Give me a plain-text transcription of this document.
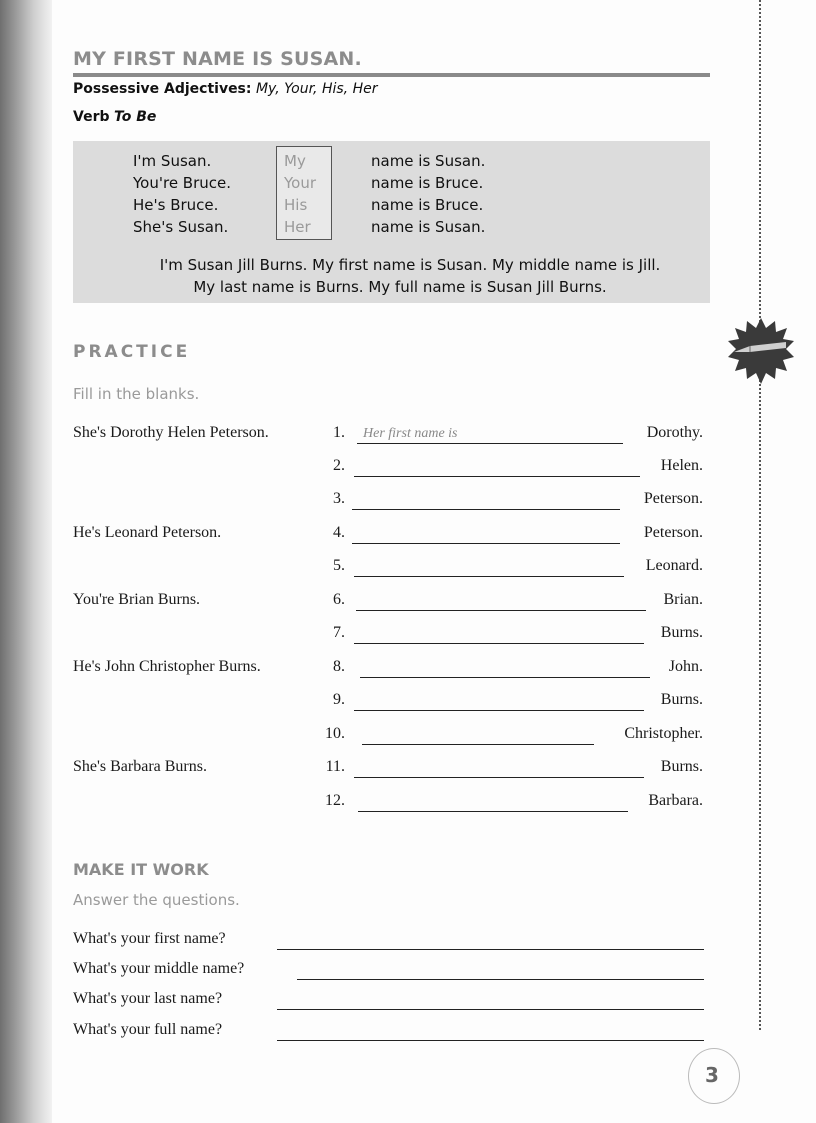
MY FIRST NAME IS SUSAN.
Possessive Adjectives: My, Your, His, Her
Verb To Be
I'm Susan.	My	name is Susan.
You're Bruce.	Your	name is Bruce.
He's Bruce.	His	name is Bruce.
She's Susan.	Her	name is Susan.
I'm Susan Jill Burns. My first name is Susan. My middle name is Jill.
My last name is Burns. My full name is Susan Jill Burns.
PRACTICE
Fill in the blanks.
She's Dorothy Helen Peterson.	1. Her first name is	Dorothy.
2.	Helen.
3.	Peterson.
He's Leonard Peterson.	4.	Peterson.
5.	Leonard.
You're Brian Burns.	6.	Brian.
7.	Burns.
He's John Christopher Burns.	8.	John.
9.	Burns.
10.	Christopher.
She's Barbara Burns.	11.	Burns.
12.	Barbara.
MAKE IT WORK
Answer the questions.
What's your first name?
What's your middle name?
What's your last name?
What's your full name?
3
